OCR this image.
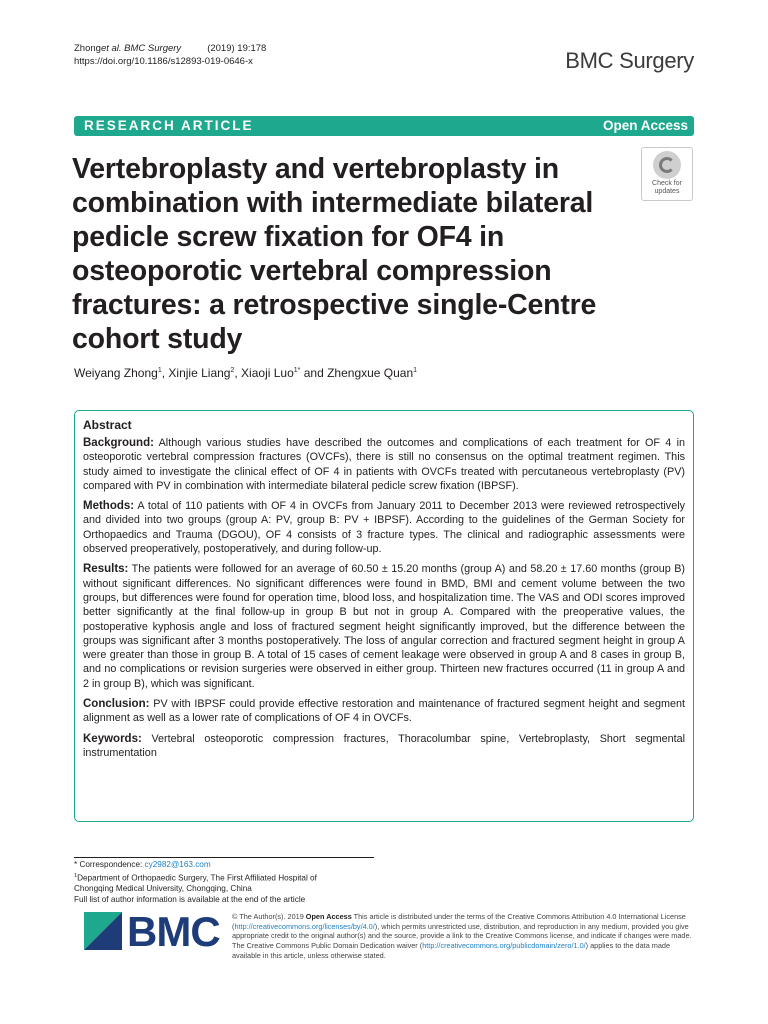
Zhonget al. BMC Surgery	(2019) 19:178
https://doi.org/10.1186/s12893-019-0646-x	BMC Surgery
RESEARCH ARTICLE	Open Access
Vertebroplasty and vertebroplasty in combination with intermediate bilateral pedicle screw fixation for OF4 in osteoporotic vertebral compression fractures: a retrospective single-Centre cohort study
Check for
updates
Weiyang Zhong$^1$, Xinjie Liang$^2$, Xiaoji Luo$^{1*}$ and Zhengxue Quan$^1$
Abstract

Background: Although various studies have described the outcomes and complications of each treatment for OF 4 in osteoporotic vertebral compression fractures (OVCFs), there is still no consensus on the optimal treatment regimen. This study aimed to investigate the clinical effect of OF 4 in patients with OVCFs treated with percutaneous vertebroplasty (PV) compared with PV in combination with intermediate bilateral pedicle screw fixation (IBPSF).

Methods: A total of 110 patients with OF 4 in OVCFs from January 2011 to December 2013 were reviewed retrospectively and divided into two groups (group A: PV, group B: PV + IBPSF). According to the guidelines of the German Society for Orthopaedics and Trauma (DGOU), OF 4 consists of 3 fracture types. The clinical and radiographic assessments were observed preoperatively, postoperatively, and during follow-up.

Results: The patients were followed for an average of 60.50 ± 15.20 months (group A) and 58.20 ± 17.60 months (group B) without significant differences. No significant differences were found in BMD, BMI and cement volume between the two groups, but differences were found for operation time, blood loss, and hospitalization time. The VAS and ODI scores improved better significantly at the final follow-up in group B but not in group A. Compared with the preoperative values, the postoperative kyphosis angle and loss of fractured segment height significantly improved, but the difference between the groups was significant after 3 months postoperatively. The loss of angular correction and fractured segment height in group A were greater than those in group B. A total of 15 cases of cement leakage were observed in group A and 8 cases in group B, and no complications or revision surgeries were observed in either group. Thirteen new fractures occurred (11 in group A and 2 in group B), which was significant.

Conclusion: PV with IBPSF could provide effective restoration and maintenance of fractured segment height and segment alignment as well as a lower rate of complications of OF 4 in OVCFs.

Keywords: Vertebral osteoporotic compression fractures, Thoracolumbar spine, Vertebroplasty, Short segmental instrumentation

* Correspondence: cy2982@163.com
$^1$Department of Orthopaedic Surgery, The First Affiliated Hospital of
Chongqing Medical University, Chongqing, China
Full list of author information is available at the end of the article
BMC © The Author(s). 2019 Open Access This article is distributed under the terms of the Creative Commons Attribution 4.0 International License (http://creativecommons.org/licenses/by/4.0/), which permits unrestricted use, distribution, and reproduction in any medium, provided you give appropriate credit to the original author(s) and the source, provide a link to the Creative Commons license, and indicate if changes were made. The Creative Commons Public Domain Dedication waiver (http://creativecommons.org/publicdomain/zero/1.0/) applies to the data made available in this article, unless otherwise stated.
